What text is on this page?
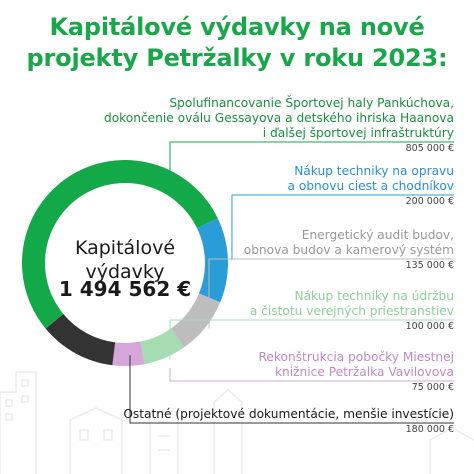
Kapitálové výdavky na nové
projekty Petržalky v roku 2023:
Kapitálové
výdavky
1 494 562 €
Spolufinancovanie Športovej haly Pankúchova,
dokončenie oválu Gessayova a detského ihriska Haanova
i ďalšej športovej infraštruktúry
805 000 €
Nákup techniky na opravu
a obnovu ciest a chodníkov
200 000 €
Energetický audit budov,
obnova budov a kamerový systém
135 000 €
Nákup techniky na údržbu
a čistotu verejných priestranstiev
100 000 €
Rekonštrukcia pobočky Miestnej
knižnice Petržalka Vavilovova
75 000 €
Ostatné (projektové dokumentácie, menšie investície)
180 000 €
